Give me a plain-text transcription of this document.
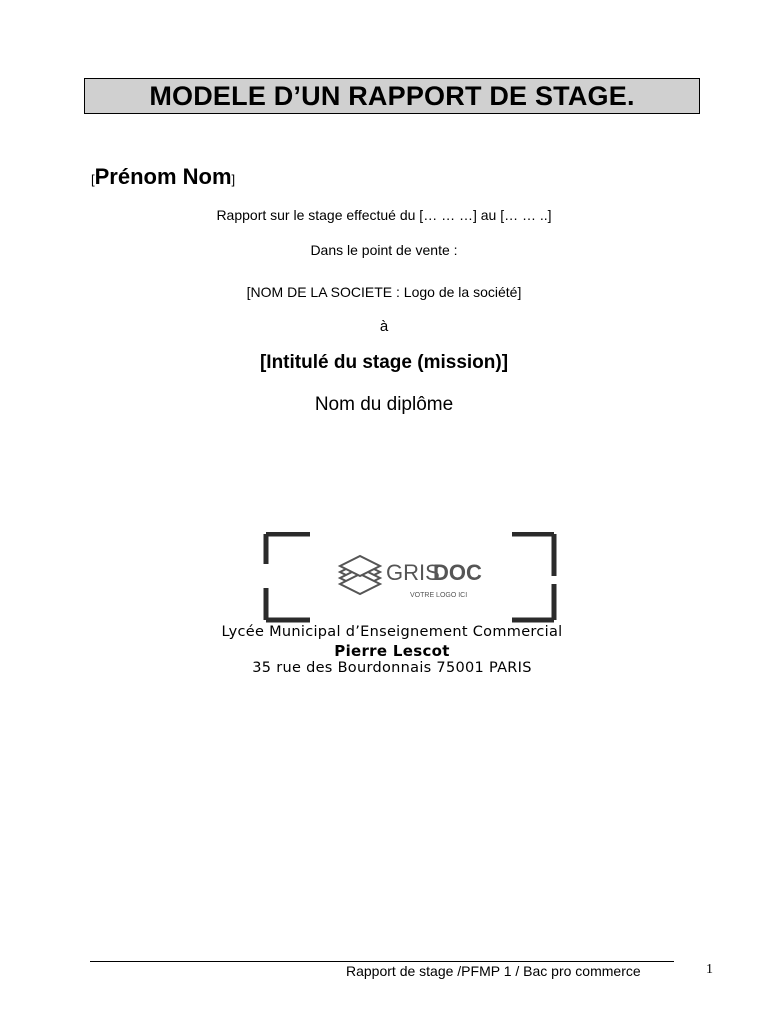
MODELE D’UN RAPPORT DE STAGE.
[Prénom Nom]
Rapport sur le stage effectué du [… … …] au [… … ..]
Dans le point de vente :
[NOM DE LA SOCIETE : Logo de la société]
à
[Intitulé du stage (mission)]
Nom du diplôme
GRIS
DOC
VOTRE LOGO ICI
Lycée Municipal d’Enseignement Commercial
Pierre Lescot
35 rue des Bourdonnais 75001 PARIS
Rapport de stage /PFMP 1 / Bac pro commerce	1
